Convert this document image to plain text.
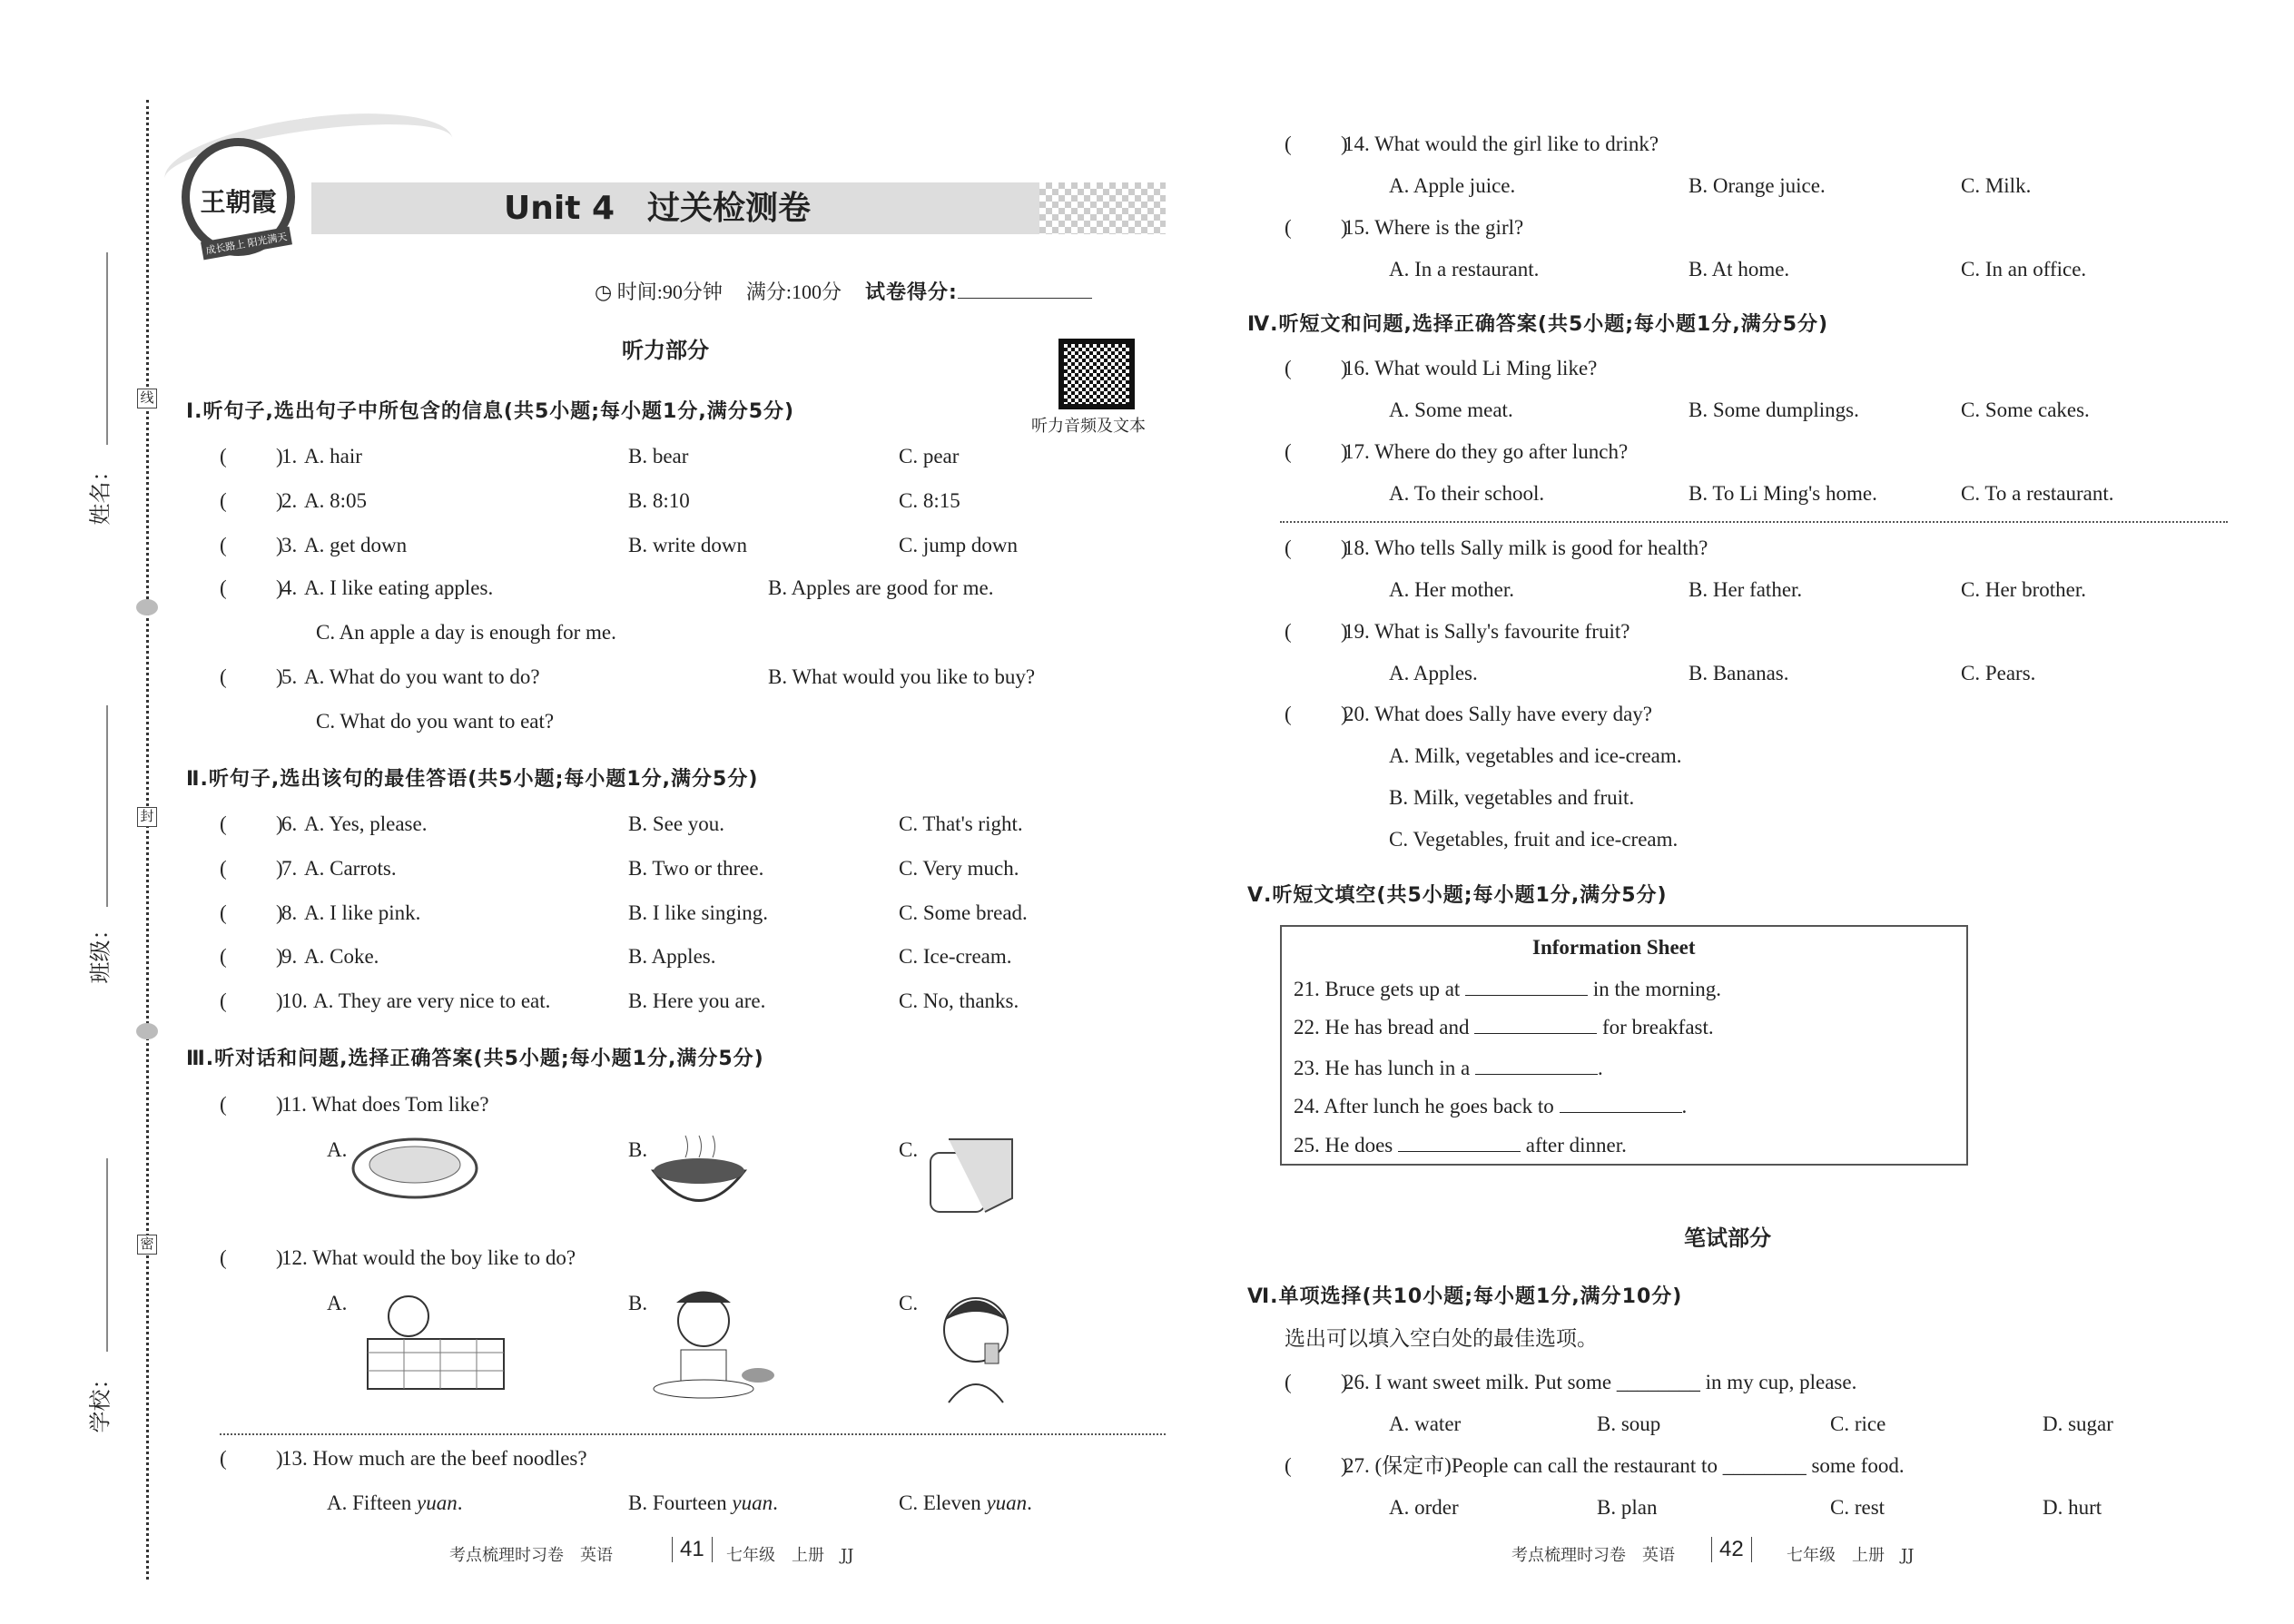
姓名：
班级：
学校：
线
封
密
王朝霞
成长路上 阳光满天
Unit 4　过关检测卷
◷ 时间:90分钟 满分:100分 试卷得分:
听力部分
听力音频及文本
Information Sheet
Ⅰ.听句子,选出句子中所包含的信息(共5小题;每小题1分,满分5分)
Ⅱ.听句子,选出该句的最佳答语(共5小题;每小题1分,满分5分)
Ⅲ.听对话和问题,选择正确答案(共5小题;每小题1分,满分5分)
Ⅳ.听短文和问题,选择正确答案(共5小题;每小题1分,满分5分)
Ⅴ.听短文填空(共5小题;每小题1分,满分5分)
Ⅵ.单项选择(共10小题;每小题1分,满分10分)
选出可以填入空白处的最佳选项。
( )
1. A. hair	B. bear	C. pear
( )
2. A. 8:05	B. 8:10	C. 8:15
( )
3. A. get down	B. write down	C. jump down
( )
4. A. I like eating apples.	B. Apples are good for me.
C. An apple a day is enough for me.
( )
5. A. What do you want to do?	B. What would you like to buy?
C. What do you want to eat?
( )
6. A. Yes, please.	B. See you.	C. That's right.
( )
7. A. Carrots.	B. Two or three.	C. Very much.
( )
8. A. I like pink.	B. I like singing.	C. Some bread.
( )
9. A. Coke.	B. Apples.	C. Ice-cream.
( )
10. A. They are very nice to eat.	B. Here you are.	C. No, thanks.
( )
11. What does Tom like?
A.	B.	C.
( )
12. What would the boy like to do?
A.	B.	C.
( )
13. How much are the beef noodles?
A. Fifteen yuan.	B. Fourteen yuan.	C. Eleven yuan.
( )
14. What would the girl like to drink?
A. Apple juice.	B. Orange juice.	C. Milk.
( )
15. Where is the girl?
A. In a restaurant.	B. At home.	C. In an office.
( )
16. What would Li Ming like?
A. Some meat.	B. Some dumplings.	C. Some cakes.
( )
17. Where do they go after lunch?
A. To their school.	B. To Li Ming's home.	C. To a restaurant.
( )
18. Who tells Sally milk is good for health?
A. Her mother.	B. Her father.	C. Her brother.
( )
19. What is Sally's favourite fruit?
A. Apples.	B. Bananas.	C. Pears.
( )
20. What does Sally have every day?
A. Milk, vegetables and ice-cream.
B. Milk, vegetables and fruit.
C. Vegetables, fruit and ice-cream.
21. Bruce gets up at	in the morning.
22. He has bread and	for breakfast.
23. He has lunch in a	.
24. After lunch he goes back to	.
25. He does	after dinner.
笔试部分
( )
26. I want sweet milk. Put some ________ in my cup, please.
A. water	B. soup	C. rice	D. sugar
( )
27. (保定市)People can call the restaurant to ________ some food.
A. order	B. plan	C. rest	D. hurt
考点梳理时习卷　英语	41	七年级　上册　JJ	考点梳理时习卷　英语	42	七年级　上册　JJ
